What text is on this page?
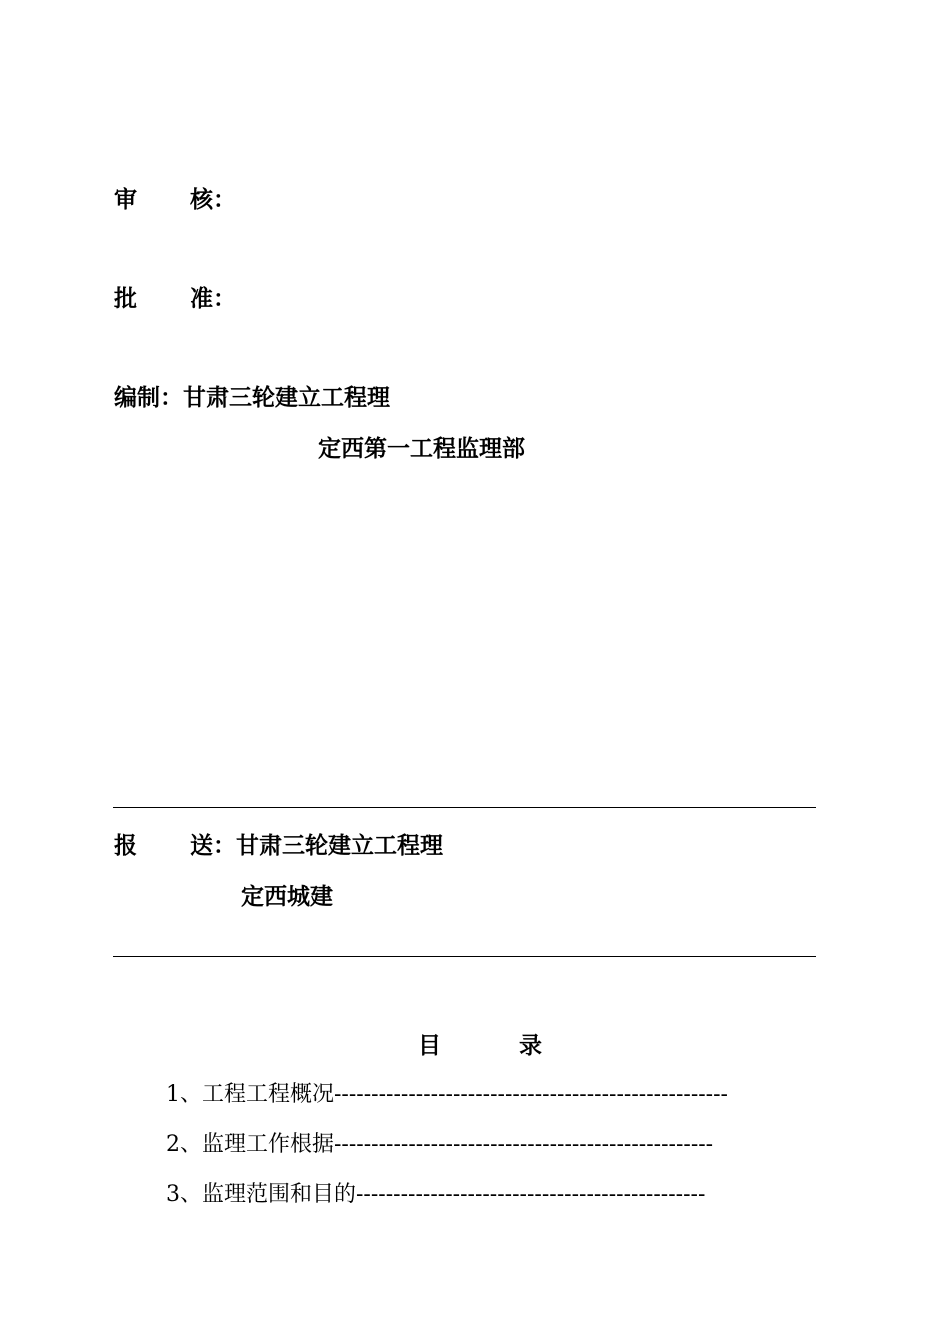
审 核：
批 准：
编制：甘肃三轮建立工程理
定西第一工程监理部
报 送：甘肃三轮建立工程理
定西城建
目	录
1、工程工程概况-----------------------------------------------------
2、监理工作根据---------------------------------------------------
3、监理范围和目的-----------------------------------------------
